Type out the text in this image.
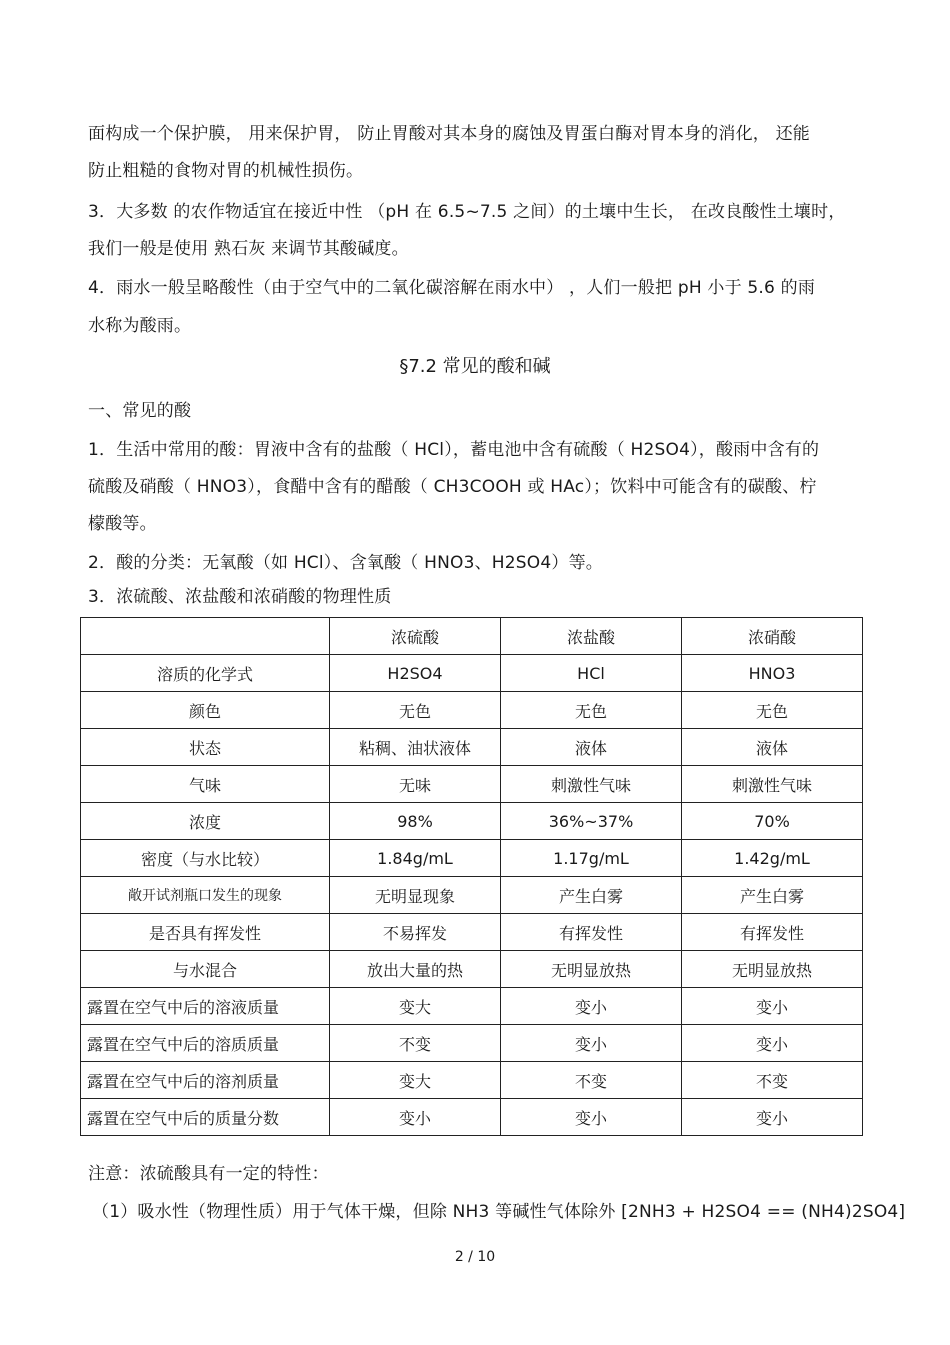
面构成一个保护膜， 用来保护胃， 防止胃酸对其本身的腐蚀及胃蛋白酶对胃本身的消化， 还能
防止粗糙的食物对胃的机械性损伤。
3．大多数 的农作物适宜在接近中性 （pH 在 6.5~7.5 之间）的土壤中生长， 在改良酸性土壤时，
我们一般是使用 熟石灰 来调节其酸碱度。
4．雨水一般呈略酸性（由于空气中的二氧化碳溶解在雨水中） ，人们一般把 pH 小于 5.6 的雨
水称为酸雨。
§7.2 常见的酸和碱
一、常见的酸
1．生活中常用的酸：胃液中含有的盐酸（ HCl），蓄电池中含有硫酸（ H2SO4），酸雨中含有的
硫酸及硝酸（ HNO3），食醋中含有的醋酸（ CH3COOH 或 HAc）；饮料中可能含有的碳酸、柠
檬酸等。
2．酸的分类：无氧酸（如 HCl）、含氧酸（ HNO3、H2SO4）等。
3．浓硫酸、浓盐酸和浓硝酸的物理性质
	浓硫酸	浓盐酸	浓硝酸
溶质的化学式	H2SO4	HCl	HNO3
颜色	无色	无色	无色
状态	粘稠、油状液体	液体	液体
气味	无味	刺激性气味	刺激性气味
浓度	98%	36%~37%	70%
密度（与水比较）	1.84g/mL	1.17g/mL	1.42g/mL
敞开试剂瓶口发生的现象	无明显现象	产生白雾	产生白雾
是否具有挥发性	不易挥发	有挥发性	有挥发性
与水混合	放出大量的热	无明显放热	无明显放热
露置在空气中后的溶液质量	变大	变小	变小
露置在空气中后的溶质质量	不变	变小	变小
露置在空气中后的溶剂质量	变大	不变	不变
露置在空气中后的质量分数	变小	变小	变小
注意：浓硫酸具有一定的特性：
（1）吸水性（物理性质）用于气体干燥，但除 NH3 等碱性气体除外 [2NH3 + H2SO4 == (NH4)2SO4]
2 / 10
